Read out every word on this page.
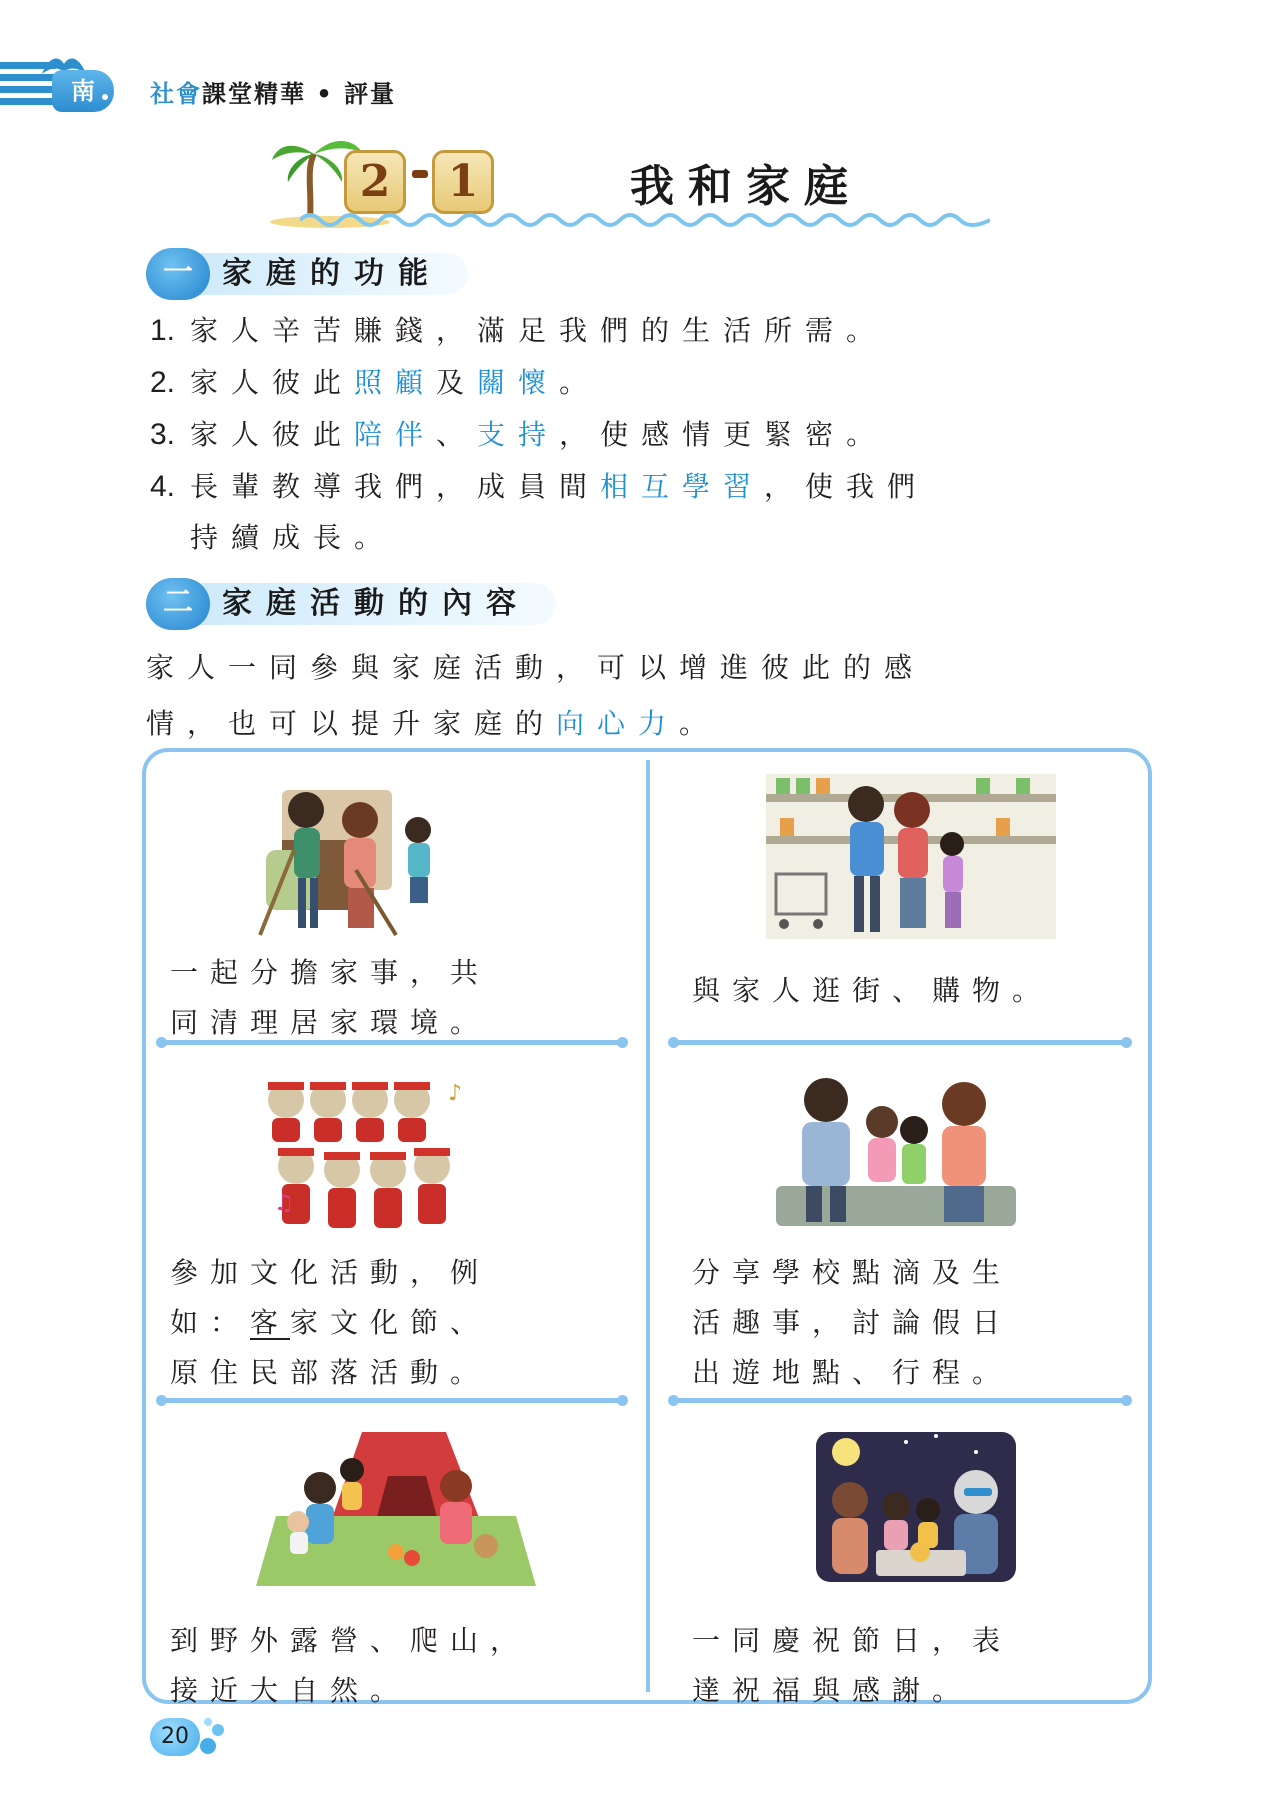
南	社會課堂精華 • 評量
2	1	我和家庭
家庭的功能
一
1. 家人辛苦賺錢，滿足我們的生活所需。
2. 家人彼此 照顧 及 關懷 。
3. 家人彼此 陪伴 、 支持 ，使感情更緊密。
4. 長輩教導我們，成員間 相互學習 ，使我們
持續成長。
家庭活動的內容
二
家人一同參與家庭活動，可以增進彼此的感
情，也可以提升家庭的向心力。
一起分擔家事，共
同清理居家環境。
與家人逛街、購物。
♪
♫
參加文化活動，例
如：客家文化節、
原住民部落活動。
分享學校點滴及生
活趣事，討論假日
出遊地點、行程。
到野外露營、爬山，
接近大自然。
一同慶祝節日，表
達祝福與感謝。
20
